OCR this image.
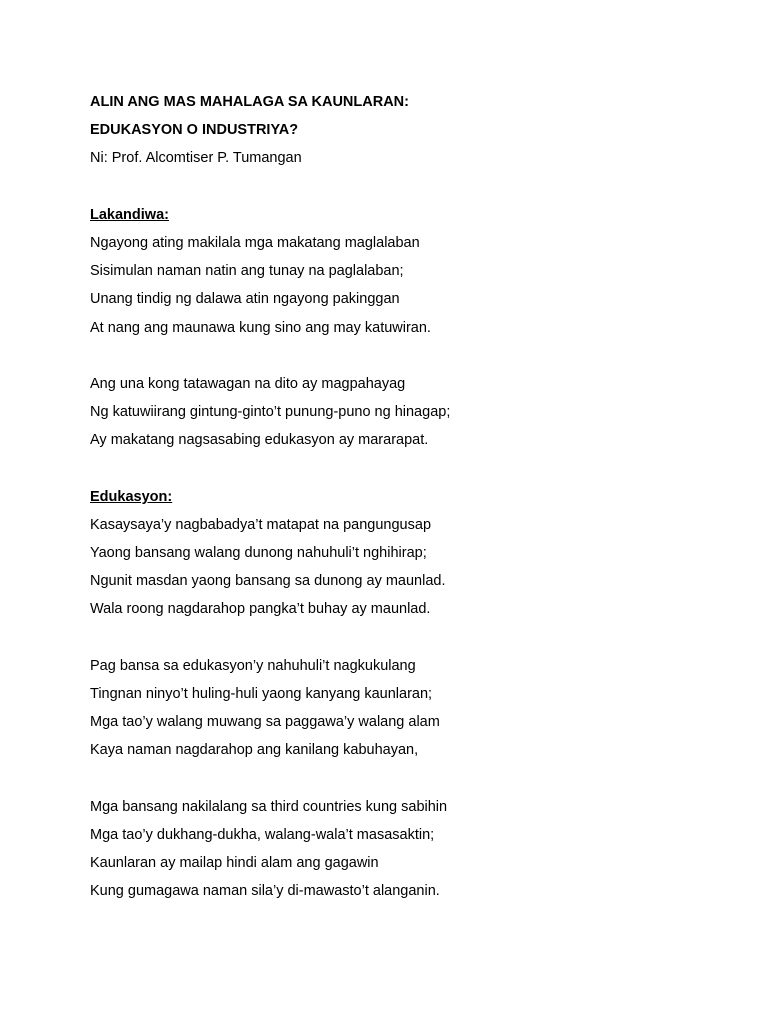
ALIN ANG MAS MAHALAGA SA KAUNLARAN:
EDUKASYON O INDUSTRIYA?
Ni: Prof. Alcomtiser P. Tumangan
Lakandiwa:
Ngayong ating makilala mga makatang maglalaban
Sisimulan naman natin ang tunay na paglalaban;
Unang tindig ng dalawa atin ngayong pakinggan
At nang ang maunawa kung sino ang may katuwiran.
Ang una kong tatawagan na dito ay magpahayag
Ng katuwiirang gintung-ginto’t punung-puno ng hinagap;
Ay makatang nagsasabing edukasyon ay mararapat.
Edukasyon:
Kasaysaya’y nagbabadya’t matapat na pangungusap
Yaong bansang walang dunong nahuhuli’t nghihirap;
Ngunit masdan yaong bansang sa dunong ay maunlad.
Wala roong nagdarahop pangka’t buhay ay maunlad.
Pag bansa sa edukasyon’y nahuhuli’t nagkukulang
Tingnan ninyo’t huling-huli yaong kanyang kaunlaran;
Mga tao’y walang muwang sa paggawa’y walang alam
Kaya naman nagdarahop ang kanilang kabuhayan,
Mga bansang nakilalang sa third countries kung sabihin
Mga tao’y dukhang-dukha, walang-wala’t masasaktin;
Kaunlaran ay mailap hindi alam ang gagawin
Kung gumagawa naman sila’y di-mawasto’t alanganin.
